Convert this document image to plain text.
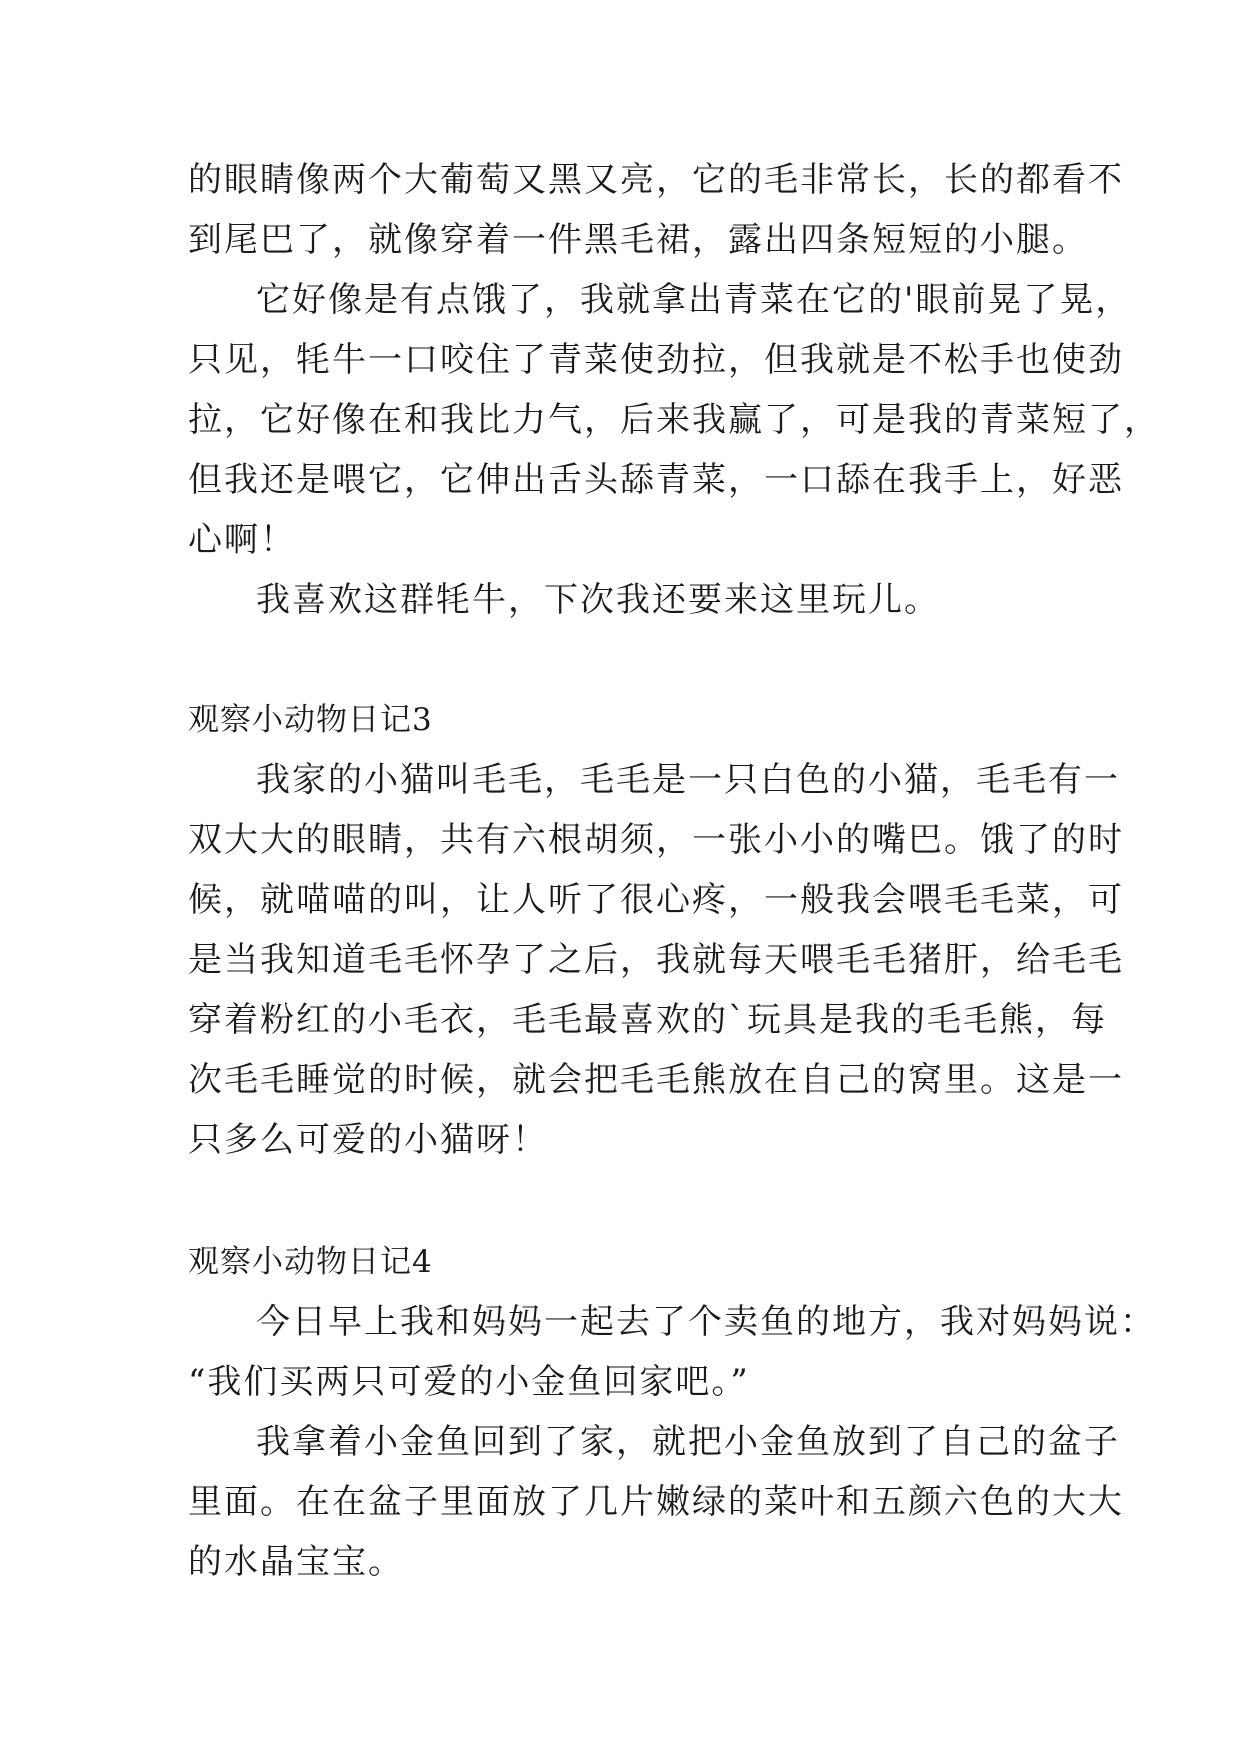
的眼睛像两个大葡萄又黑又亮，它的毛非常长，长的都看不
到尾巴了，就像穿着一件黑毛裙，露出四条短短的小腿。
它好像是有点饿了，我就拿出青菜在它的'眼前晃了晃，
只见，牦牛一口咬住了青菜使劲拉，但我就是不松手也使劲
拉，它好像在和我比力气，后来我赢了，可是我的青菜短了，
但我还是喂它，它伸出舌头舔青菜，一口舔在我手上，好恶
心啊！
我喜欢这群牦牛，下次我还要来这里玩儿。
观察小动物日记3
我家的小猫叫毛毛，毛毛是一只白色的小猫，毛毛有一
双大大的眼睛，共有六根胡须，一张小小的嘴巴。饿了的时
候，就喵喵的叫，让人听了很心疼，一般我会喂毛毛菜，可
是当我知道毛毛怀孕了之后，我就每天喂毛毛猪肝，给毛毛
穿着粉红的小毛衣，毛毛最喜欢的`玩具是我的毛毛熊，每
次毛毛睡觉的时候，就会把毛毛熊放在自己的窝里。这是一
只多么可爱的小猫呀！
观察小动物日记4
今日早上我和妈妈一起去了个卖鱼的地方，我对妈妈说：
“我们买两只可爱的小金鱼回家吧。”
我拿着小金鱼回到了家，就把小金鱼放到了自己的盆子
里面。在在盆子里面放了几片嫩绿的菜叶和五颜六色的大大
的水晶宝宝。
